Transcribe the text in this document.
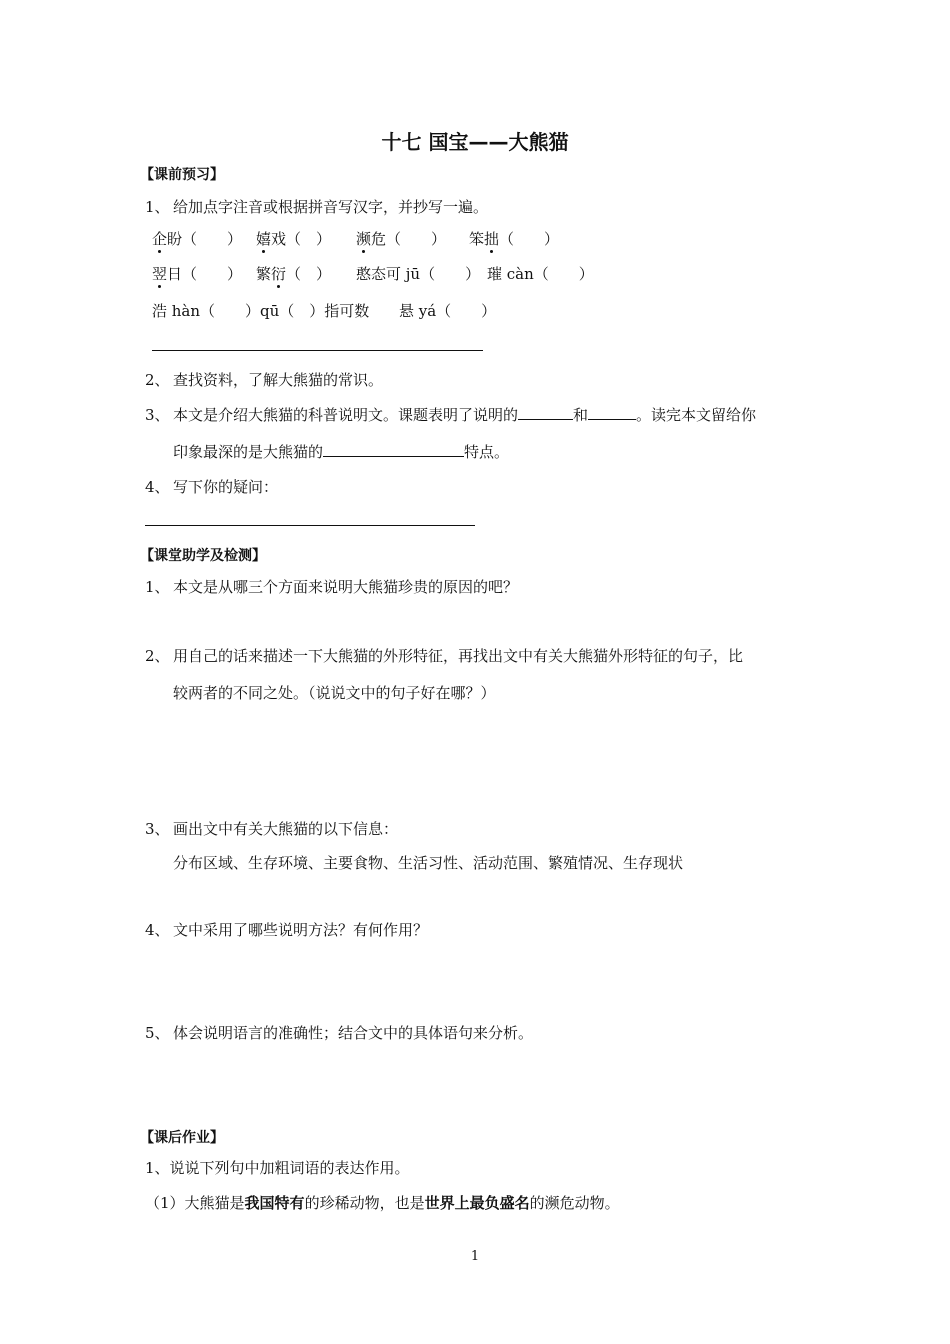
十七 国宝——大熊猫
【课前预习】
1、 给加点字注音或根据拼音写汉字，并抄写一遍。
企盼（　　） 嬉戏（　） 濒危（　　） 笨拙（　　）
翌日（　　） 繁衍（　） 憨态可 jū（　　） 璀 càn（　　）
浩 hàn（　　）qū（　）指可数 悬 yá（　　）
2、 查找资料，了解大熊猫的常识。
3、 本文是介绍大熊猫的科普说明文。课题表明了说明的	和	。读完本文留给你
印象最深的是大熊猫的	特点。
4、 写下你的疑问：
【课堂助学及检测】
1、 本文是从哪三个方面来说明大熊猫珍贵的原因的吧？
2、 用自己的话来描述一下大熊猫的外形特征，再找出文中有关大熊猫外形特征的句子，比
较两者的不同之处。（说说文中的句子好在哪？）
3、 画出文中有关大熊猫的以下信息：
分布区域、生存环境、主要食物、生活习性、活动范围、繁殖情况、生存现状
4、 文中采用了哪些说明方法？有何作用？
5、 体会说明语言的准确性；结合文中的具体语句来分析。
【课后作业】
1、说说下列句中加粗词语的表达作用。
（1）大熊猫是我国特有的珍稀动物，也是世界上最负盛名的濒危动物。
1
